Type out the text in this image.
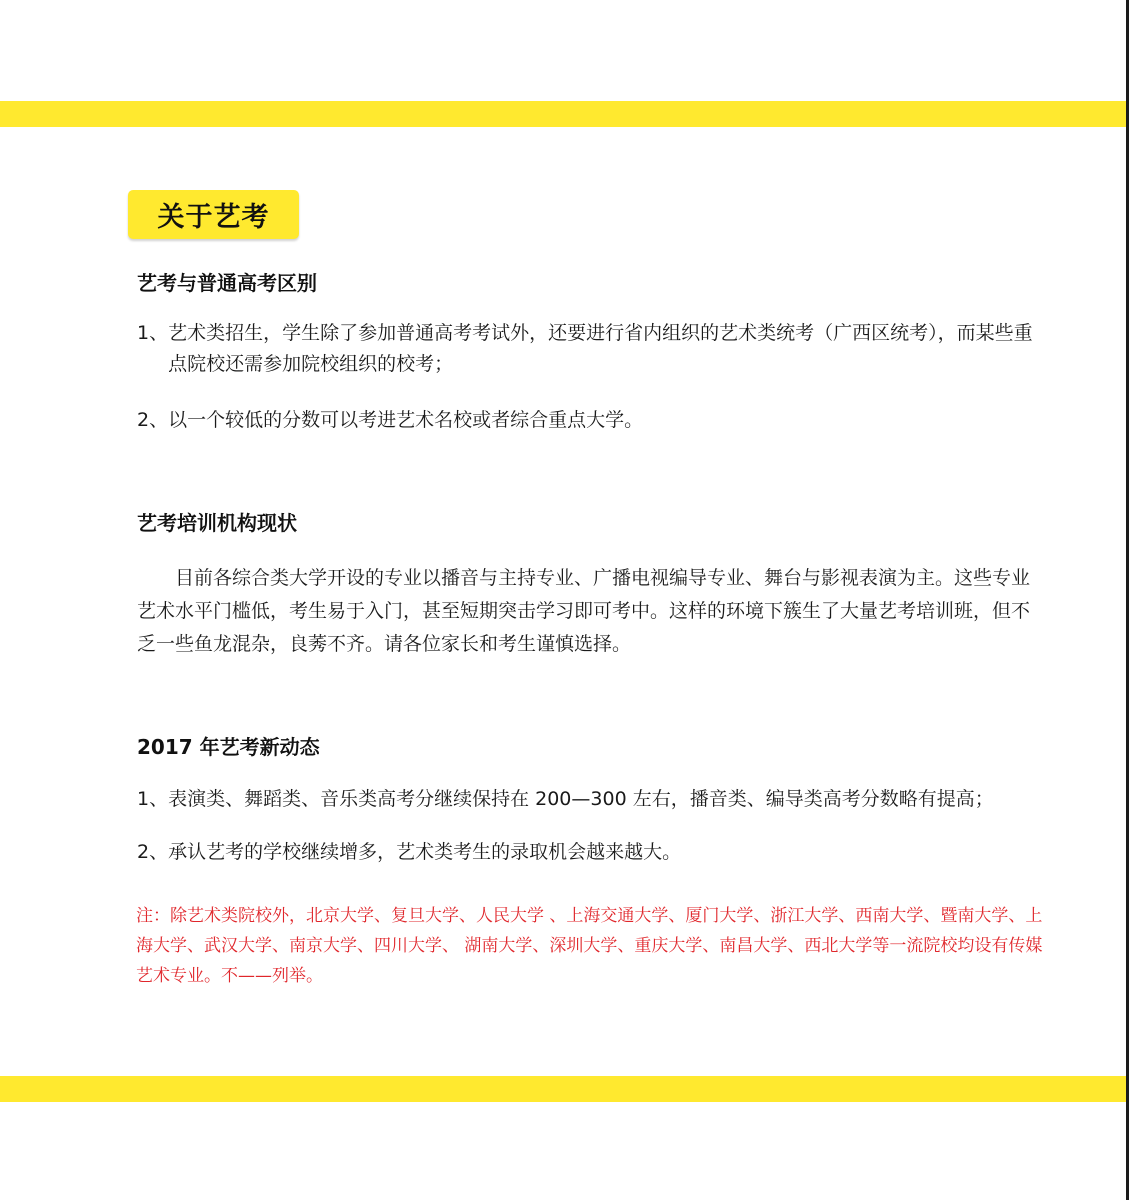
关于艺考
艺考与普通高考区别
1、 艺术类招生，学生除了参加普通高考考试外，还要进行省内组织的艺术类统考（广西区统考），而某些重点院校还需参加院校组织的校考；
2、 以一个较低的分数可以考进艺术名校或者综合重点大学。
艺考培训机构现状

目前各综合类大学开设的专业以播音与主持专业、广播电视编导专业、舞台与影视表演为主。这些专业艺术水平门槛低，考生易于入门，甚至短期突击学习即可考中。这样的环境下簇生了大量艺考培训班，但不乏一些鱼龙混杂，良莠不齐。请各位家长和考生谨慎选择。

2017 年艺考新动态
1、 表演类、舞蹈类、音乐类高考分继续保持在 200—300 左右，播音类、编导类高考分数略有提高；
2、 承认艺考的学校继续增多，艺术类考生的录取机会越来越大。

注：除艺术类院校外，北京大学、复旦大学、人民大学 、上海交通大学、厦门大学、浙江大学、西南大学、暨南大学、上海大学、武汉大学、南京大学、四川大学、 湖南大学、深圳大学、重庆大学、南昌大学、西北大学等一流院校均设有传媒艺术专业。不——列举。
